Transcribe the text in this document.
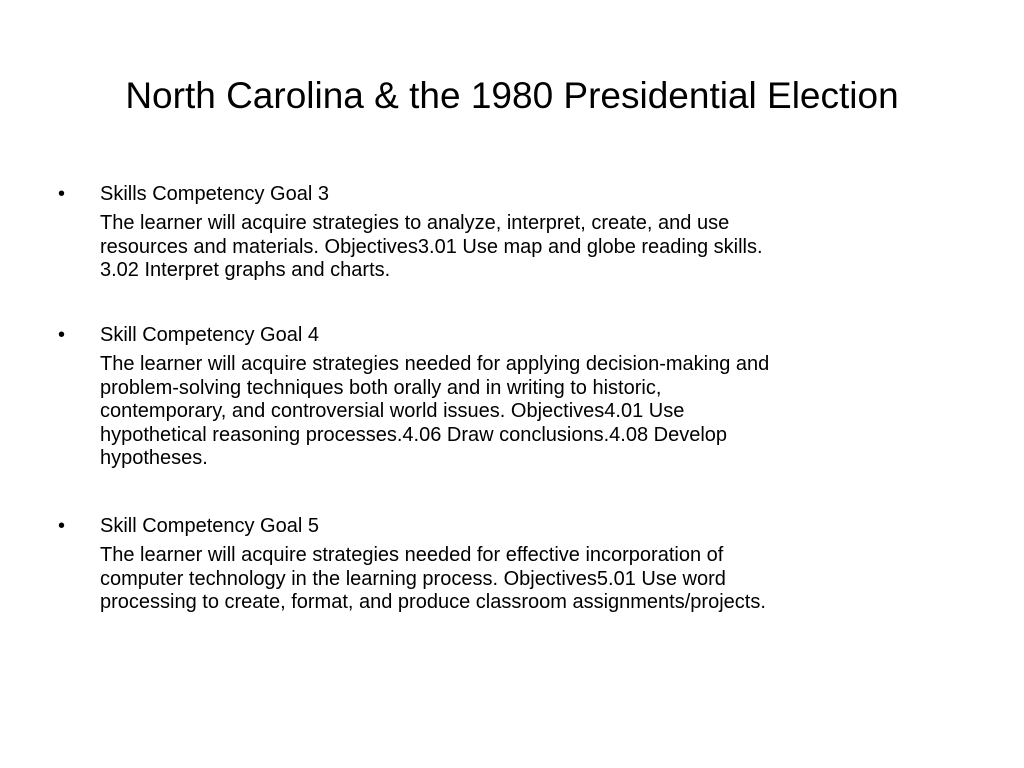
North Carolina & the 1980 Presidential Election
• Skills Competency Goal 3

The learner will acquire strategies to analyze, interpret, create, and use
resources and materials. Objectives3.01 Use map and globe reading skills.
3.02 Interpret graphs and charts.

• Skill Competency Goal 4

The learner will acquire strategies needed for applying decision-making and
problem-solving techniques both orally and in writing to historic,
contemporary, and controversial world issues. Objectives4.01 Use
hypothetical reasoning processes.4.06 Draw conclusions.4.08 Develop
hypotheses.

• Skill Competency Goal 5

The learner will acquire strategies needed for effective incorporation of
computer technology in the learning process. Objectives5.01 Use word
processing to create, format, and produce classroom assignments/projects.
